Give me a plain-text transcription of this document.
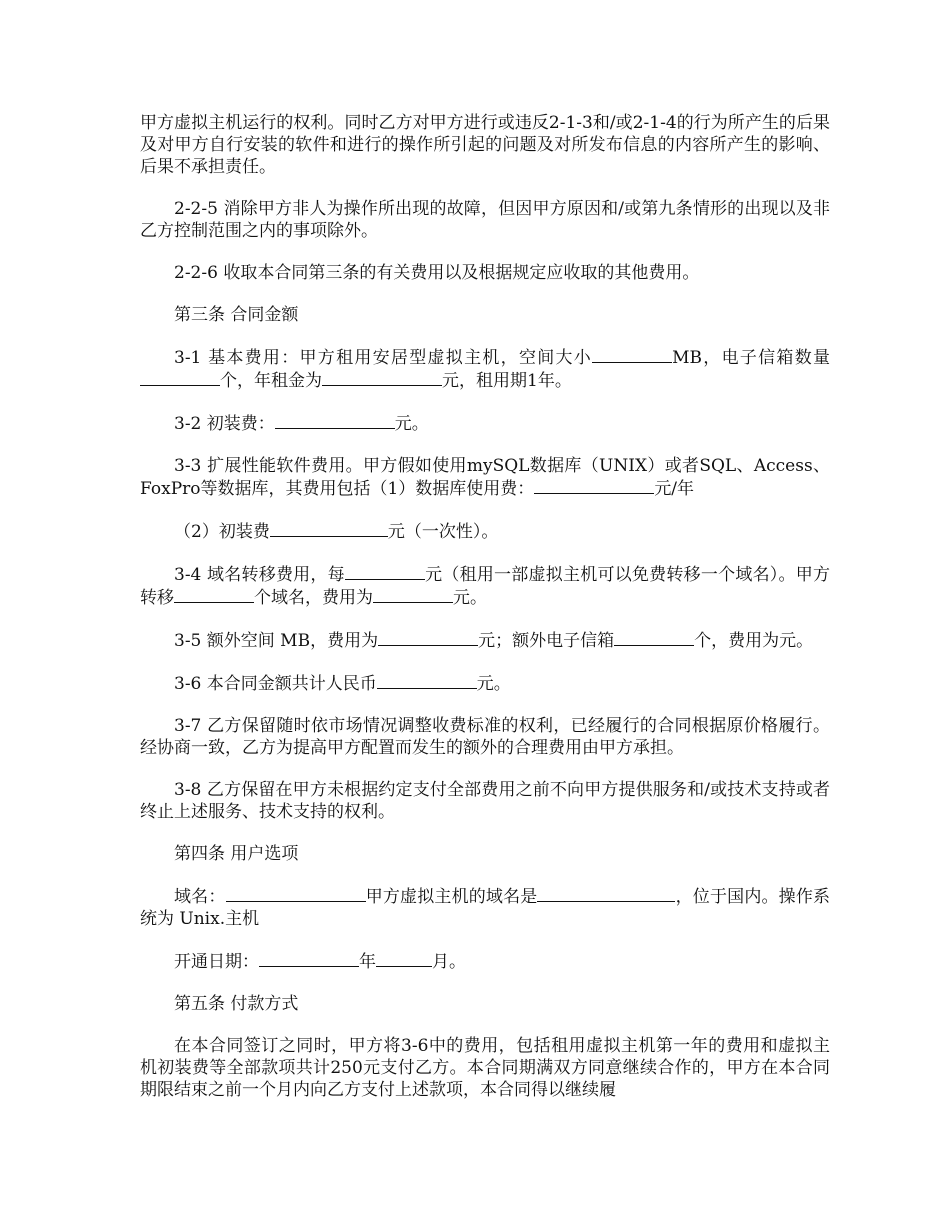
甲方虚拟主机运行的权利。同时乙方对甲方进行或违反2-1-3和/或2-1-4的行为所产生的后果及对甲方自行安装的软件和进行的操作所引起的问题及对所发布信息的内容所产生的影响、后果不承担责任。

2-2-5 消除甲方非人为操作所出现的故障，但因甲方原因和/或第九条情形的出现以及非乙方控制范围之内的事项除外。

2-2-6 收取本合同第三条的有关费用以及根据规定应收取的其他费用。

第三条 合同金额

3-1 基本费用：甲方租用安居型虚拟主机，空间大小	MB，电子信箱数量个，年租金为	元，租用期1年。

3-2 初装费：	元。

3-3 扩展性能软件费用。甲方假如使用mySQL数据库（UNIX）或者SQL、Access、FoxPro等数据库，其费用包括（1）数据库使用费：	元/年

（2）初装费	元（一次性）。

3-4 域名转移费用，每	元（租用一部虚拟主机可以免费转移一个域名）。甲方转移	个域名，费用为	元。

3-5 额外空间 MB，费用为	元；额外电子信箱	个，费用为元。

3-6 本合同金额共计人民币	元。

3-7 乙方保留随时依市场情况调整收费标准的权利，已经履行的合同根据原价格履行。经协商一致，乙方为提高甲方配置而发生的额外的合理费用由甲方承担。

3-8 乙方保留在甲方未根据约定支付全部费用之前不向甲方提供服务和/或技术支持或者终止上述服务、技术支持的权利。

第四条 用户选项

域名：	甲方虚拟主机的域名是	，位于国内。操作系统为 Unix.主机

开通日期：	年	月。

第五条 付款方式

在本合同签订之同时，甲方将3-6中的费用，包括租用虚拟主机第一年的费用和虚拟主机初装费等全部款项共计250元支付乙方。本合同期满双方同意继续合作的，甲方在本合同期限结束之前一个月内向乙方支付上述款项，本合同得以继续履
